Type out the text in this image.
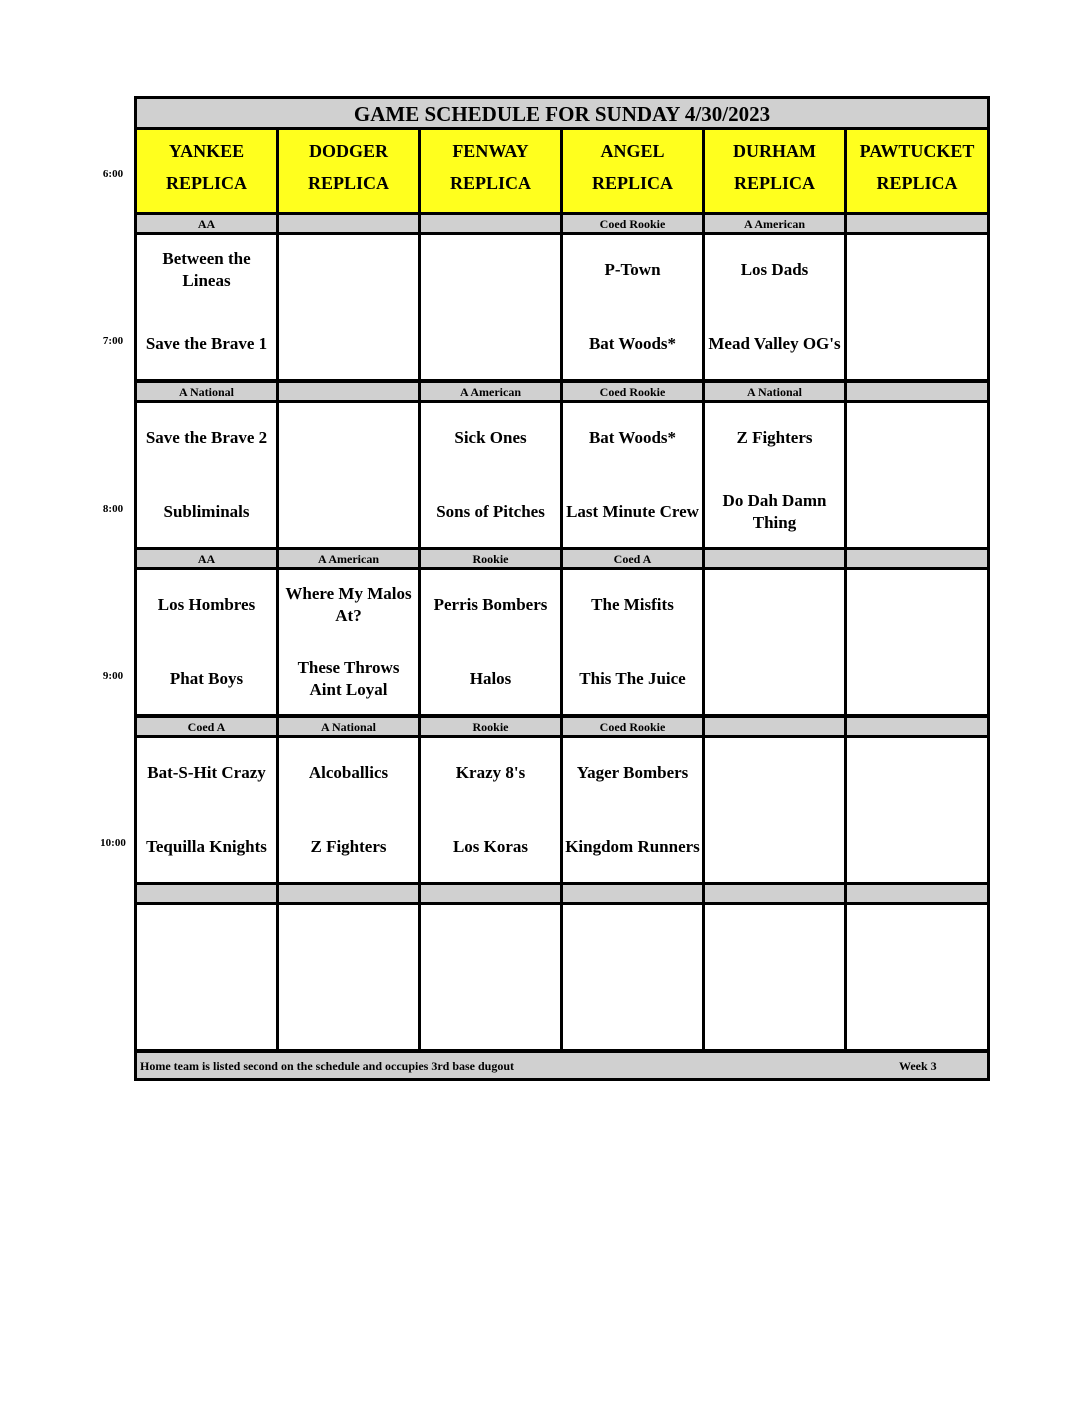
GAME SCHEDULE FOR SUNDAY 4/30/2023
YANKEE
REPLICA
DODGER
REPLICA
FENWAY
REPLICA
ANGEL
REPLICA
DURHAM
REPLICA
PAWTUCKET
REPLICA
AA
Between the Lineas
Save the Brave 1
Coed Rookie
P-Town
Bat Woods*
A American
Los Dads
Mead Valley OG's
A National
Save the Brave 2
Subliminals
A American
Sick Ones
Sons of Pitches
Coed Rookie
Bat Woods*
Last Minute Crew
A National
Z Fighters
Do Dah Damn Thing
AA
Los Hombres
Phat Boys
A American
Where My Malos At?
These Throws Aint Loyal
Rookie
Perris Bombers
Halos
Coed A
The Misfits
This The Juice
Coed A
Bat-S-Hit Crazy
Tequilla Knights
A National
Alcoballics
Z Fighters
Rookie
Krazy 8's
Los Koras
Coed Rookie
Yager Bombers
Kingdom Runners
Home team is listed second on the schedule and occupies 3rd base dugout	Week 3
6:00
7:00
8:00
9:00
10:00
